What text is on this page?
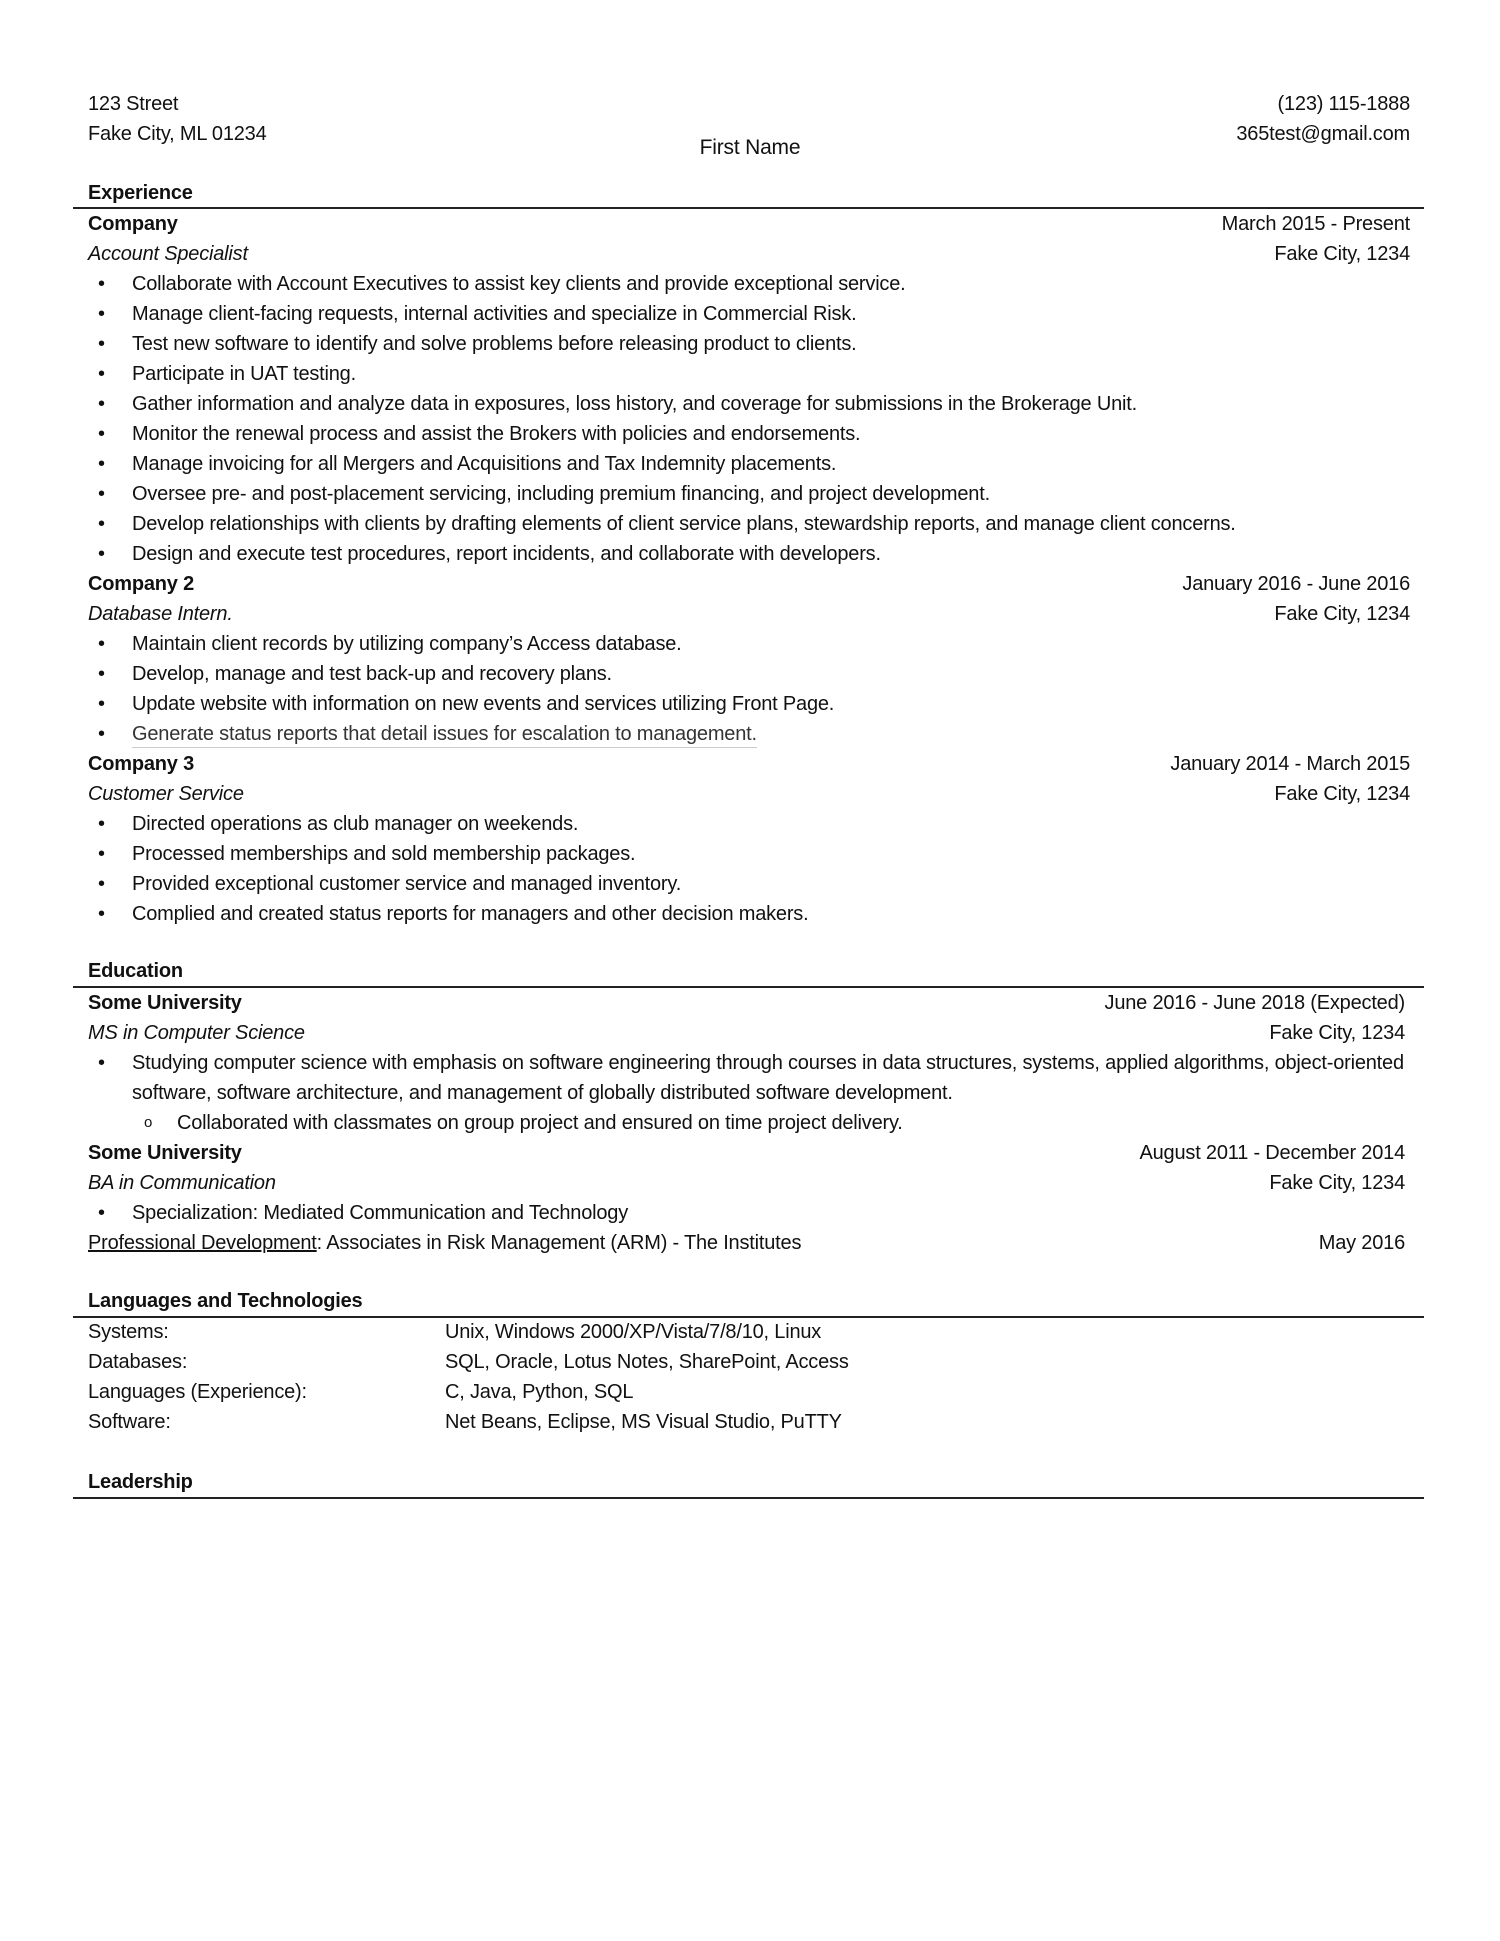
123 Street
Fake City, ML 01234
First Name
(123) 115-1888
365test@gmail.com
Experience
Company	March 2015 - Present
Account Specialist	Fake City, 1234
• Collaborate with Account Executives to assist key clients and provide exceptional service.
• Manage client-facing requests, internal activities and specialize in Commercial Risk.
• Test new software to identify and solve problems before releasing product to clients.
• Participate in UAT testing.
• Gather information and analyze data in exposures, loss history, and coverage for submissions in the Brokerage Unit.
• Monitor the renewal process and assist the Brokers with policies and endorsements.
• Manage invoicing for all Mergers and Acquisitions and Tax Indemnity placements.
• Oversee pre- and post-placement servicing, including premium financing, and project development.
• Develop relationships with clients by drafting elements of client service plans, stewardship reports, and manage client concerns.
• Design and execute test procedures, report incidents, and collaborate with developers.
Company 2	January 2016 - June 2016
Database Intern.	Fake City, 1234
• Maintain client records by utilizing company’s Access database.
• Develop, manage and test back-up and recovery plans.
• Update website with information on new events and services utilizing Front Page.
• Generate status reports that detail issues for escalation to management.
Company 3	January 2014 - March 2015
Customer Service	Fake City, 1234
• Directed operations as club manager on weekends.
• Processed memberships and sold membership packages.
• Provided exceptional customer service and managed inventory.
• Complied and created status reports for managers and other decision makers.
Education
Some University	June 2016 - June 2018 (Expected)
MS in Computer Science	Fake City, 1234
• Studying computer science with emphasis on software engineering through courses in data structures, systems, applied algorithms, object-oriented software, software architecture, and management of globally distributed software development.
o Collaborated with classmates on group project and ensured on time project delivery.
Some University	August 2011 - December 2014
BA in Communication	Fake City, 1234
• Specialization: Mediated Communication and Technology
Professional Development: Associates in Risk Management (ARM) - The Institutes	May 2016
Languages and Technologies
Systems:	Unix, Windows 2000/XP/Vista/7/8/10, Linux
Databases:	SQL, Oracle, Lotus Notes, SharePoint, Access
Languages (Experience):	C, Java, Python, SQL
Software:	Net Beans, Eclipse, MS Visual Studio, PuTTY
Leadership
